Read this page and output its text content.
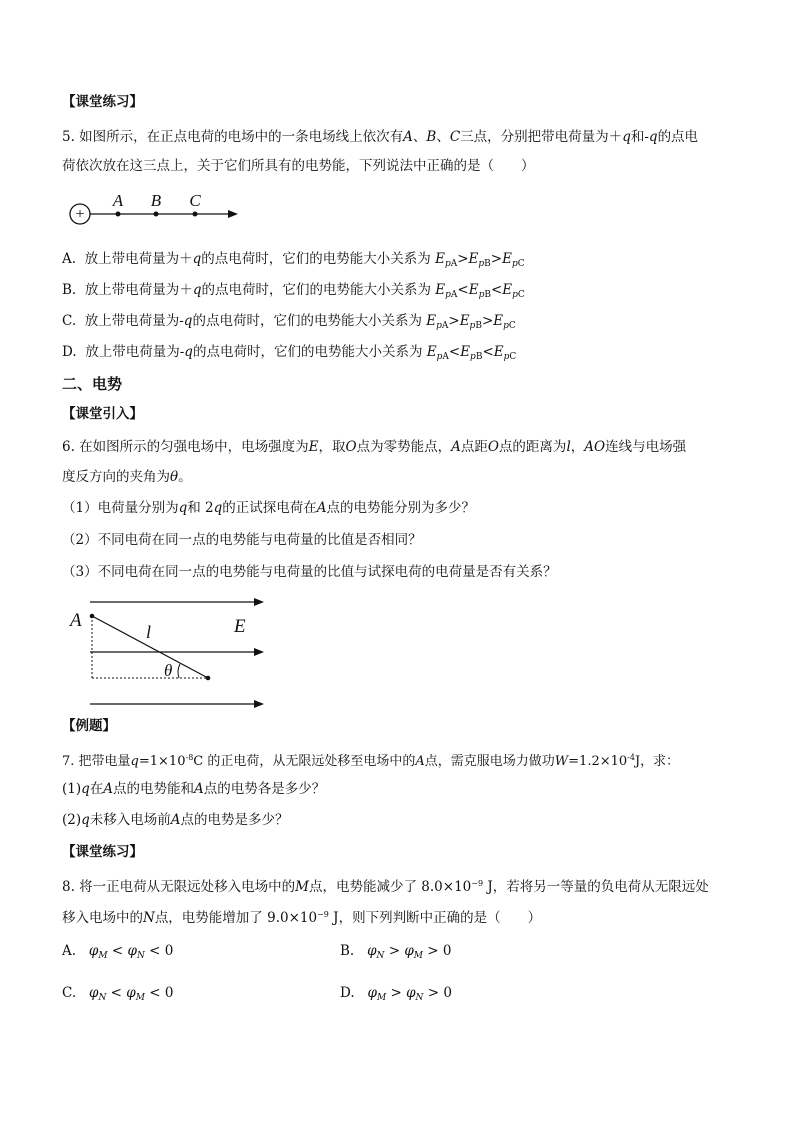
【课堂练习】
5. 如图所示，在正点电荷的电场中的一条电场线上依次有A、B、C三点，分别把带电荷量为＋q和-q的点电
荷依次放在这三点上，关于它们所具有的电势能，下列说法中正确的是（　　）
+
A B C
A. 放上带电荷量为＋q的点电荷时，它们的电势能大小关系为 $E_{pA}>E_{pB}>E_{pC}$
B. 放上带电荷量为＋q的点电荷时，它们的电势能大小关系为 $E_{pA}<E_{pB}<E_{pC}$
C. 放上带电荷量为-q的点电荷时，它们的电势能大小关系为 $E_{pA}>E_{pB}>E_{pC}$
D. 放上带电荷量为-q的点电荷时，它们的电势能大小关系为 $E_{pA}<E_{pB}<E_{pC}$
二、电势
【课堂引入】
6. 在如图所示的匀强电场中，电场强度为E，取O点为零势能点，A点距O点的距离为l，AO连线与电场强
度反方向的夹角为θ。
（1）电荷量分别为q和 2q的正试探电荷在A点的电势能分别为多少？
（2）不同电荷在同一点的电势能与电荷量的比值是否相同？
（3）不同电荷在同一点的电势能与电荷量的比值与试探电荷的电荷量是否有关系？
A
l	E
θ
【例题】
7. 把带电量$q=1\times 10^{-8}C$ 的正电荷，从无限远处移至电场中的A点，需克服电场力做功$W=1.2\times 10^{-4}J$，求：
(1)q在A点的电势能和A点的电势各是多少？
(2)q未移入电场前A点的电势是多少？
【课堂练习】
8. 将一正电荷从无限远处移入电场中的M点，电势能减少了 $8.0\times 10^{-9}$ J，若将另一等量的负电荷从无限远处
移入电场中的N点，电势能增加了 $9.0\times 10^{-9}$ J，则下列判断中正确的是（　　）
A. $\varphi_M < \varphi_N < 0$	B. $\varphi_N > \varphi_M > 0$
C. $\varphi_N < \varphi_M < 0$	D. $\varphi_M > \varphi_N > 0$
